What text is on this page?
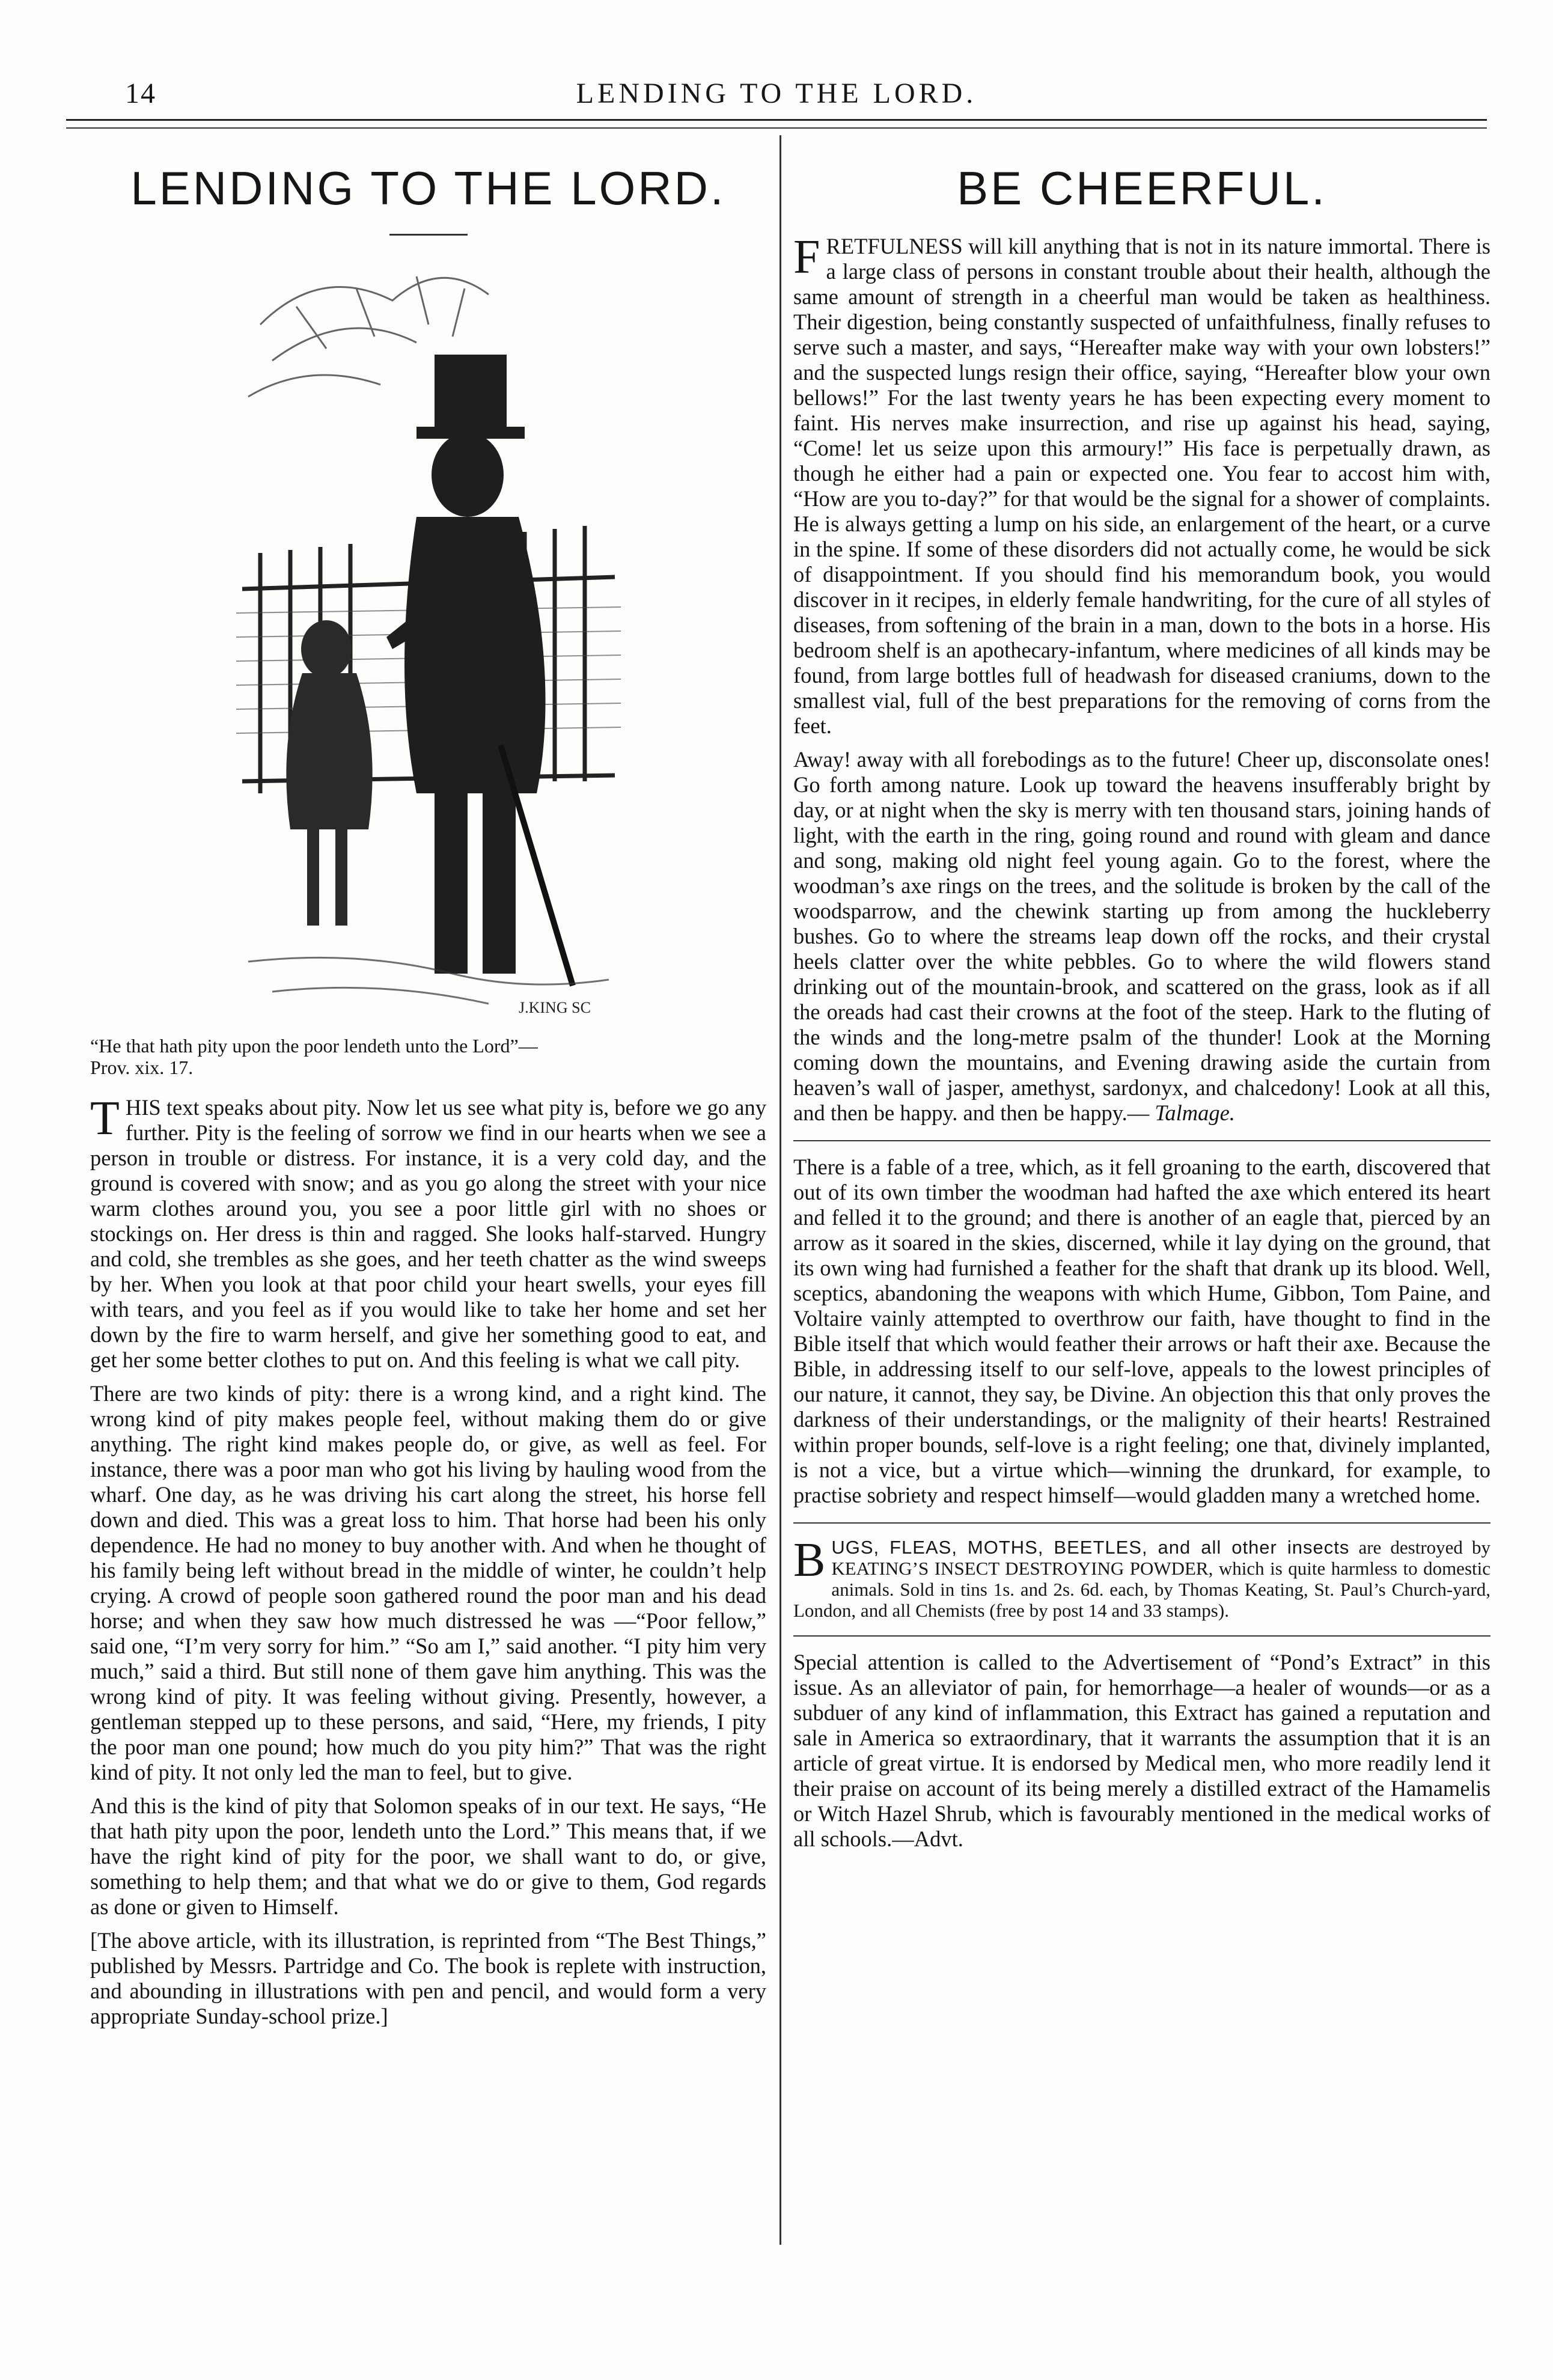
14	LENDING TO THE LORD.
LENDING TO THE LORD.
J.KING SC
“He that hath pity upon the poor lendeth unto the Lord”—
Prov. xix. 17.

THIS text speaks about pity. Now let us see what pity is, before we go any further. Pity is the feeling of sorrow we find in our hearts when we see a person in trouble or distress. For instance, it is a very cold day, and the ground is covered with snow; and as you go along the street with your nice warm clothes around you, you see a poor little girl with no shoes or stockings on. Her dress is thin and ragged. She looks half-starved. Hungry and cold, she trembles as she goes, and her teeth chatter as the wind sweeps by her. When you look at that poor child your heart swells, your eyes fill with tears, and you feel as if you would like to take her home and set her down by the fire to warm herself, and give her something good to eat, and get her some better clothes to put on. And this feeling is what we call pity.

There are two kinds of pity: there is a wrong kind, and a right kind. The wrong kind of pity makes people feel, without making them do or give anything. The right kind makes people do, or give, as well as feel. For instance, there was a poor man who got his living by hauling wood from the wharf. One day, as he was driving his cart along the street, his horse fell down and died. This was a great loss to him. That horse had been his only dependence. He had no money to buy another with. And when he thought of his family being left without bread in the middle of winter, he couldn’t help crying. A crowd of people soon gathered round the poor man and his dead horse; and when they saw how much distressed he was —“Poor fellow,” said one, “I’m very sorry for him.” “So am I,” said another. “I pity him very much,” said a third. But still none of them gave him anything. This was the wrong kind of pity. It was feeling without giving. Presently, however, a gentleman stepped up to these persons, and said, “Here, my friends, I pity the poor man one pound; how much do you pity him?” That was the right kind of pity. It not only led the man to feel, but to give.

And this is the kind of pity that Solomon speaks of in our text. He says, “He that hath pity upon the poor, lendeth unto the Lord.” This means that, if we have the right kind of pity for the poor, we shall want to do, or give, something to help them; and that what we do or give to them, God regards as done or given to Himself.

[The above article, with its illustration, is reprinted from “The Best Things,” published by Messrs. Partridge and Co. The book is replete with instruction, and abounding in illustrations with pen and pencil, and would form a very appropriate Sunday-school prize.]

BE CHEERFUL.

FRETFULNESS will kill anything that is not in its nature immortal. There is a large class of persons in constant trouble about their health, although the same amount of strength in a cheerful man would be taken as healthiness. Their digestion, being constantly suspected of unfaithfulness, finally refuses to serve such a master, and says, “Hereafter make way with your own lobsters!” and the suspected lungs resign their office, saying, “Hereafter blow your own bellows!” For the last twenty years he has been expecting every moment to faint. His nerves make insurrection, and rise up against his head, saying, “Come! let us seize upon this armoury!” His face is perpetually drawn, as though he either had a pain or expected one. You fear to accost him with, “How are you to-day?” for that would be the signal for a shower of complaints. He is always getting a lump on his side, an enlargement of the heart, or a curve in the spine. If some of these disorders did not actually come, he would be sick of disappointment. If you should find his memorandum book, you would discover in it recipes, in elderly female handwriting, for the cure of all styles of diseases, from softening of the brain in a man, down to the bots in a horse. His bedroom shelf is an apothecary-infantum, where medicines of all kinds may be found, from large bottles full of headwash for diseased craniums, down to the smallest vial, full of the best preparations for the removing of corns from the feet.

Away! away with all forebodings as to the future! Cheer up, disconsolate ones! Go forth among nature. Look up toward the heavens insufferably bright by day, or at night when the sky is merry with ten thousand stars, joining hands of light, with the earth in the ring, going round and round with gleam and dance and song, making old night feel young again. Go to the forest, where the woodman’s axe rings on the trees, and the solitude is broken by the call of the woodsparrow, and the chewink starting up from among the huckleberry bushes. Go to where the streams leap down off the rocks, and their crystal heels clatter over the white pebbles. Go to where the wild flowers stand drinking out of the mountain-brook, and scattered on the grass, look as if all the oreads had cast their crowns at the foot of the steep. Hark to the fluting of the winds and the long-metre psalm of the thunder! Look at the Morning coming down the mountains, and Evening drawing aside the curtain from heaven’s wall of jasper, amethyst, sardonyx, and chalcedony! Look at all this, and then be happy. and then be happy.— Talmage.

There is a fable of a tree, which, as it fell groaning to the earth, discovered that out of its own timber the woodman had hafted the axe which entered its heart and felled it to the ground; and there is another of an eagle that, pierced by an arrow as it soared in the skies, discerned, while it lay dying on the ground, that its own wing had furnished a feather for the shaft that drank up its blood. Well, sceptics, abandoning the weapons with which Hume, Gibbon, Tom Paine, and Voltaire vainly attempted to overthrow our faith, have thought to find in the Bible itself that which would feather their arrows or haft their axe. Because the Bible, in addressing itself to our self-love, appeals to the lowest principles of our nature, it cannot, they say, be Divine. An objection this that only proves the darkness of their understandings, or the malignity of their hearts! Restrained within proper bounds, self-love is a right feeling; one that, divinely implanted, is not a vice, but a virtue which—winning the drunkard, for example, to practise sobriety and respect himself—would gladden many a wretched home.

BUGS, FLEAS, MOTHS, BEETLES, and all other insects are destroyed by KEATING’S INSECT DESTROYING POWDER, which is quite harmless to domestic animals. Sold in tins 1s. and 2s. 6d. each, by Thomas Keating, St. Paul’s Church-yard, London, and all Chemists (free by post 14 and 33 stamps).

Special attention is called to the Advertisement of “Pond’s Extract” in this issue. As an alleviator of pain, for hemorrhage—a healer of wounds—or as a subduer of any kind of inflammation, this Extract has gained a reputation and sale in America so extraordinary, that it warrants the assumption that it is an article of great virtue. It is endorsed by Medical men, who more readily lend it their praise on account of its being merely a distilled extract of the Hamamelis or Witch Hazel Shrub, which is favourably mentioned in the medical works of all schools.—Advt.
